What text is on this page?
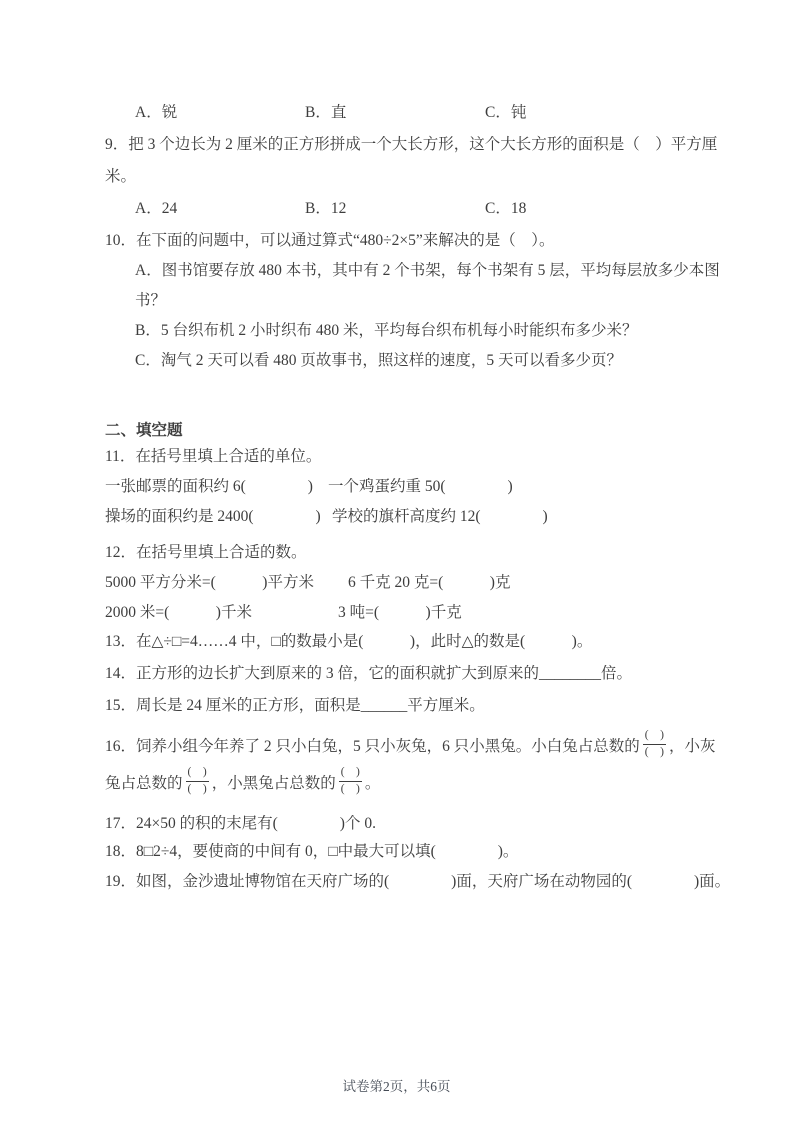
A．锐	B．直	C．钝
9．把 3 个边长为 2 厘米的正方形拼成一个大长方形，这个大长方形的面积是（　）平方厘
米。
A．24	B．12	C．18
10．在下面的问题中，可以通过算式“480÷2×5”来解决的是（　）。
A．图书馆要存放 480 本书，其中有 2 个书架，每个书架有 5 层，平均每层放多少本图
书？
B．5 台织布机 2 小时织布 480 米，平均每台织布机每小时能织布多少米？
C．淘气 2 天可以看 480 页故事书，照这样的速度，5 天可以看多少页？
二、填空题
11．在括号里填上合适的单位。
一张邮票的面积约 6(　　　　) 一个鸡蛋约重 50(　　　　)
操场的面积约是 2400(　　　　) 学校的旗杆高度约 12(　　　　)
12．在括号里填上合适的数。
5000 平方分米=(　　　)平方米 6 千克 20 克=(　　　)克
2000 米=(　　　)千米	3 吨=(　　　)千克
13．在△÷□=4……4 中，□的数最小是(　　　)，此时△的数是(　　　)。
14．正方形的边长扩大到原来的 3 倍，它的面积就扩大到原来的________倍。
15．周长是 24 厘米的正方形，面积是______平方厘米。
16．饲养小组今年养了 2 只小白兔，5 只小灰兔，6 只小黑兔。小白兔占总数的 $\frac{( )}{( )}$ ，小灰
兔占总数的 $\frac{( )}{( )}$ ，小黑兔占总数的 $\frac{( )}{( )}$ 。
17．24×50 的积的末尾有(　　　　)个 0.
18．8□2÷4，要使商的中间有 0，□中最大可以填(　　　　)。
19．如图，金沙遗址博物馆在天府广场的(　　　　)面，天府广场在动物园的(　　　　)面。
试卷第2页，共6页
